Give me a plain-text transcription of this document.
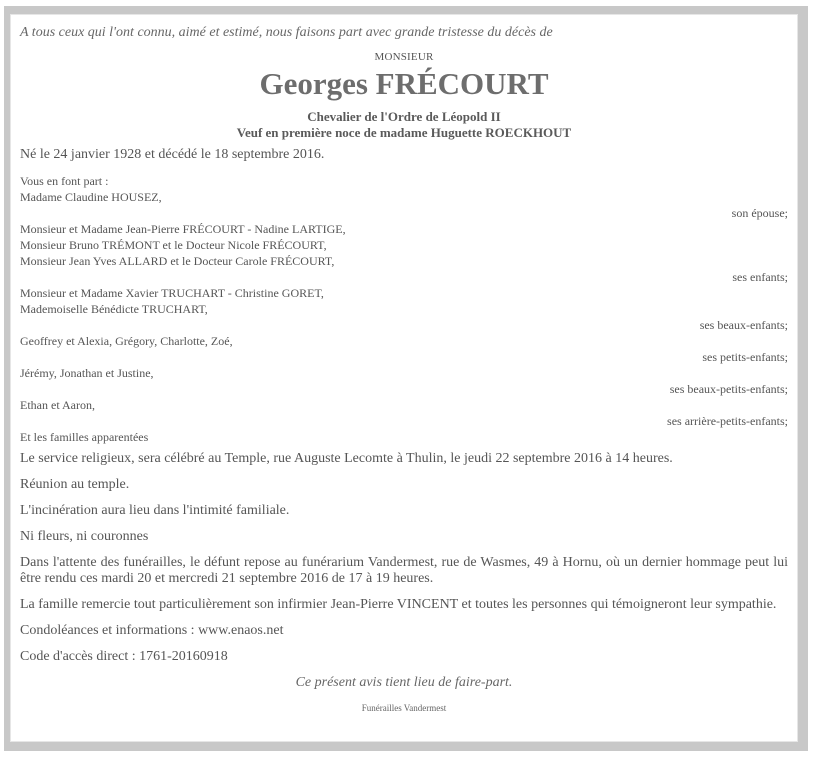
A tous ceux qui l'ont connu, aimé et estimé, nous faisons part avec grande tristesse du décès de

MONSIEUR

Georges FRÉCOURT

Chevalier de l'Ordre de Léopold II

Veuf en première noce de madame Huguette ROECKHOUT

Né le 24 janvier 1928 et décédé le 18 septembre 2016.

Vous en font part :

Madame Claudine HOUSEZ,

son épouse;

Monsieur et Madame Jean-Pierre FRÉCOURT - Nadine LARTIGE,

Monsieur Bruno TRÉMONT et le Docteur Nicole FRÉCOURT,

Monsieur Jean Yves ALLARD et le Docteur Carole FRÉCOURT,

ses enfants;

Monsieur et Madame Xavier TRUCHART - Christine GORET,

Mademoiselle Bénédicte TRUCHART,

ses beaux-enfants;

Geoffrey et Alexia, Grégory, Charlotte, Zoé,

ses petits-enfants;

Jérémy, Jonathan et Justine,

ses beaux-petits-enfants;

Ethan et Aaron,

ses arrière-petits-enfants;

Et les familles apparentées

Le service religieux, sera célébré au Temple, rue Auguste Lecomte à Thulin, le jeudi 22 septembre 2016 à 14 heures.

Réunion au temple.

L'incinération aura lieu dans l'intimité familiale.

Ni fleurs, ni couronnes

Dans l'attente des funérailles, le défunt repose au funérarium Vandermest, rue de Wasmes, 49 à Hornu, où un dernier hommage peut lui être rendu ces mardi 20 et mercredi 21 septembre 2016 de 17 à 19 heures.

La famille remercie tout particulièrement son infirmier Jean-Pierre VINCENT et toutes les personnes qui témoigneront leur sympathie.

Condoléances et informations : www.enaos.net

Code d'accès direct : 1761-20160918

Ce présent avis tient lieu de faire-part.

Funérailles Vandermest
